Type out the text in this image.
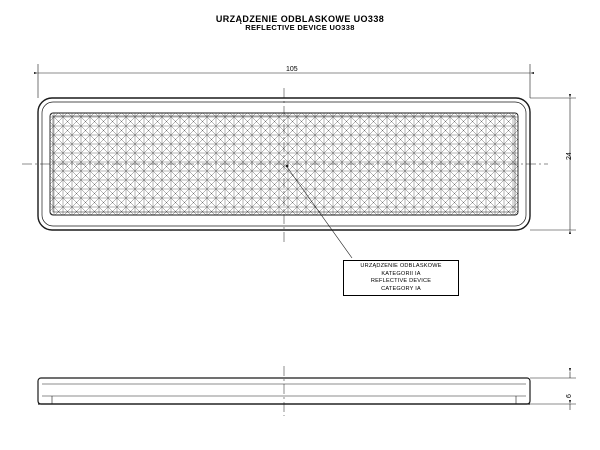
URZĄDZENIE ODBLASKOWE UO338
REFLECTIVE DEVICE UO338
105
24
6
URZĄDZENIE ODBLASKOWE
KATEGORII IA
REFLECTIVE DEVICE
CATEGORY IA
